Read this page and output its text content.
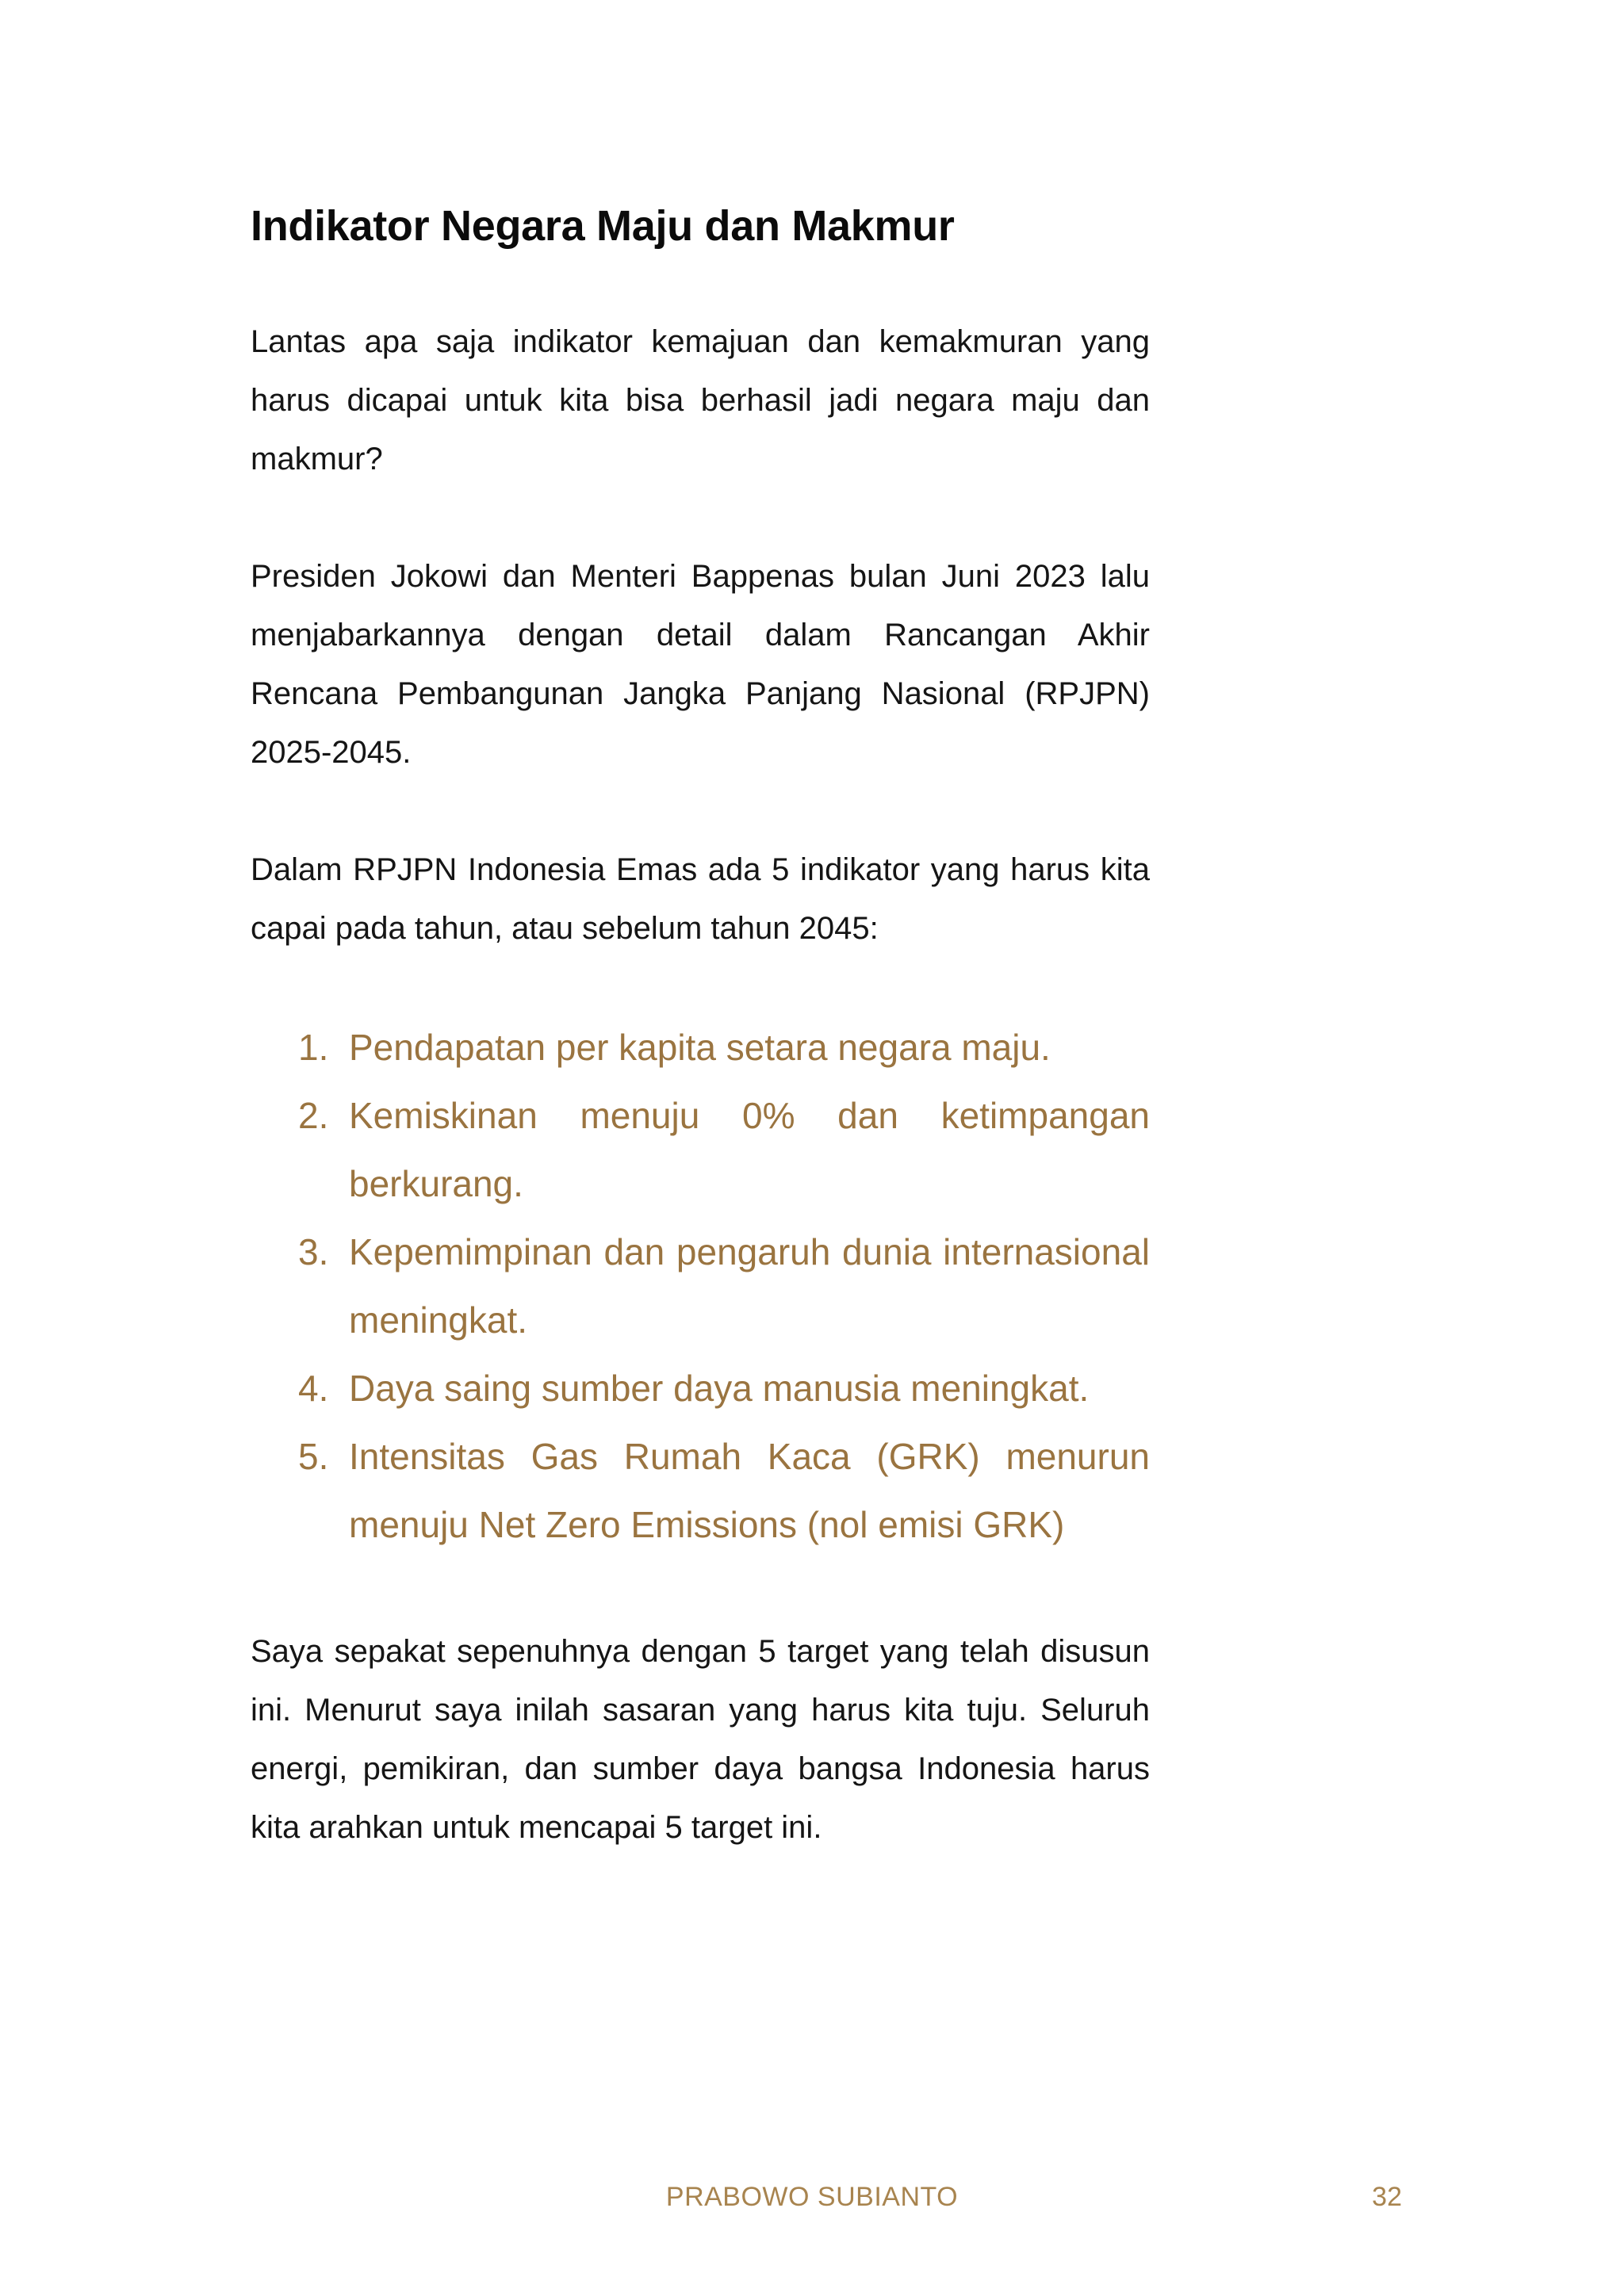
Indikator Negara Maju dan Makmur

Lantas apa saja indikator kemajuan dan kemakmuran yang harus dicapai untuk kita bisa berhasil jadi negara maju dan makmur?

Presiden Jokowi dan Menteri Bappenas bulan Juni 2023 lalu menjabarkannya dengan detail dalam Rancangan Akhir Rencana Pembangunan Jangka Panjang Nasional (RPJPN) 2025-2045.

Dalam RPJPN Indonesia Emas ada 5 indikator yang harus kita capai pada tahun, atau sebelum tahun 2045:

1. Pendapatan per kapita setara negara maju.
2. Kemiskinan menuju 0% dan ketimpangan berkurang.
3. Kepemimpinan dan pengaruh dunia internasional meningkat.
4. Daya saing sumber daya manusia meningkat.
5. Intensitas Gas Rumah Kaca (GRK) menurun menuju Net Zero Emissions (nol emisi GRK)

Saya sepakat sepenuhnya dengan 5 target yang telah disusun ini. Menurut saya inilah sasaran yang harus kita tuju. Seluruh energi, pemikiran, dan sumber daya bangsa Indonesia harus kita arahkan untuk mencapai 5 target ini.

PRABOWO SUBIANTO	32
